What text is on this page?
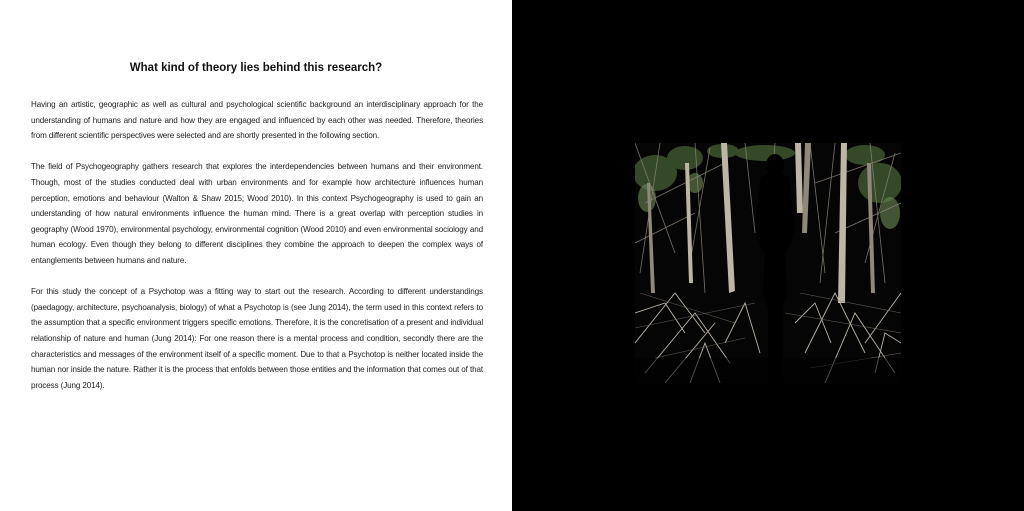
What kind of theory lies behind this research?

Having an artistic, geographic as well as cultural and psychological scientific background an interdisciplinary approach for the understanding of humans and nature and how they are engaged and influenced by each other was needed. Therefore, theories from different scientific perspectives were selected and are shortly presented in the following section.

The field of Psychogeography gathers research that explores the interdependencies between humans and their environment. Though, most of the studies conducted deal with urban environments and for example how architecture influences human perception, emotions and behaviour (Walton & Shaw 2015; Wood 2010). In this context Psychogeography is used to gain an understanding of how natural environments influence the human mind. There is a great overlap with perception studies in geography (Wood 1970), environmental psychology, environmental cognition (Wood 2010) and even environmental sociology and human ecology. Even though they belong to different disciplines they combine the approach to deepen the complex ways of entanglements between humans and nature.

For this study the concept of a Psychotop was a fitting way to start out the research. According to different understandings (paedagogy, architecture, psychoanalysis, biology) of what a Psychotop is (see Jung 2014), the term used in this context refers to the assumption that a specific environment triggers specific emotions. Therefore, it is the concretisation of a present and individual relationship of nature and human (Jung 2014): For one reason there is a mental process and condition, secondly there are the characteristics and messages of the environment itself of a specific moment. Due to that a Psychotop is neither located inside the human nor inside the nature. Rather it is the process that enfolds between those entities and the information that comes out of that process (Jung 2014).
